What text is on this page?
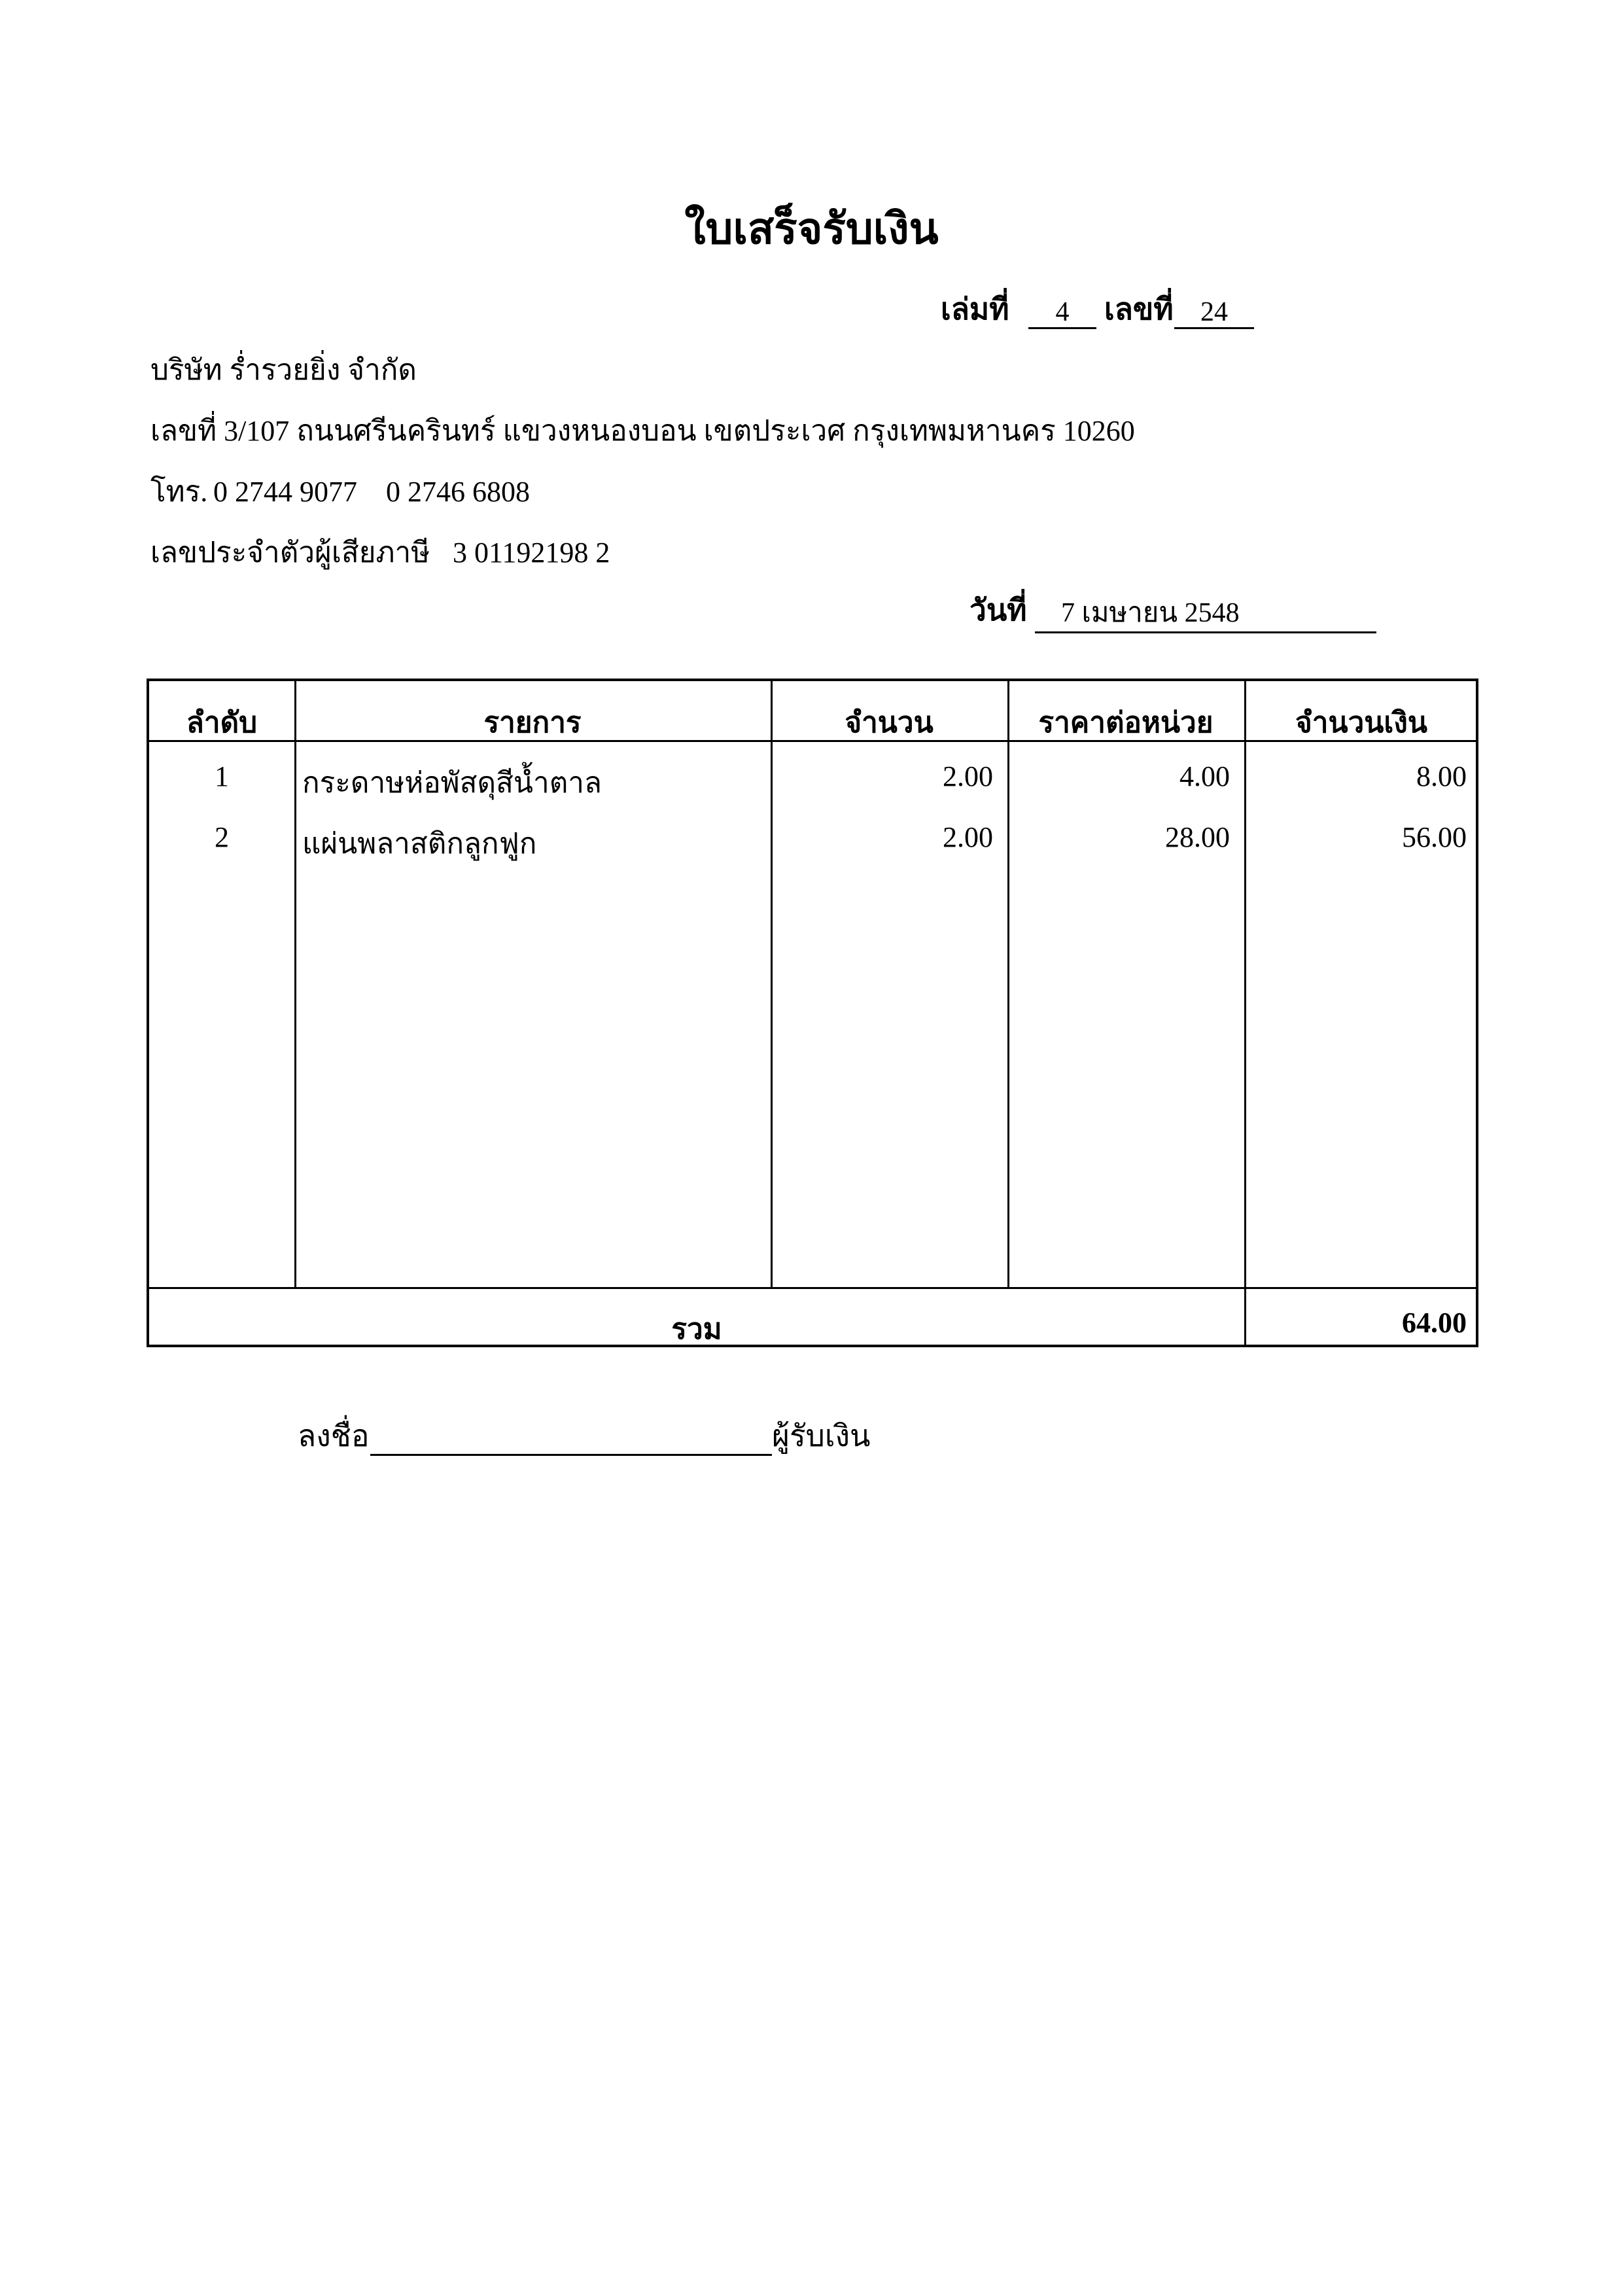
ใบเสร็จรับเงิน
เล่มที่	4	เลขที่ 24
บริษัท ร่ำรวยยิ่ง จำกัด
เลขที่ 3/107 ถนนศรีนครินทร์ แขวงหนองบอน เขตประเวศ กรุงเทพมหานคร 10260
โทร. 0 2744 9077 0 2746 6808
เลขประจำตัวผู้เสียภาษี 3 01192198 2
วันที่ 7 เมษายน 2548
ลำดับ	รายการ	จำนวน	ราคาต่อหน่วย	จำนวนเงิน
1	กระดาษห่อพัสดุสีน้ำตาล	2.00	4.00	8.00
2	แผ่นพลาสติกลูกฟูก	2.00	28.00	56.00
รวม	64.00
ลงชื่อ	ผู้รับเงิน
